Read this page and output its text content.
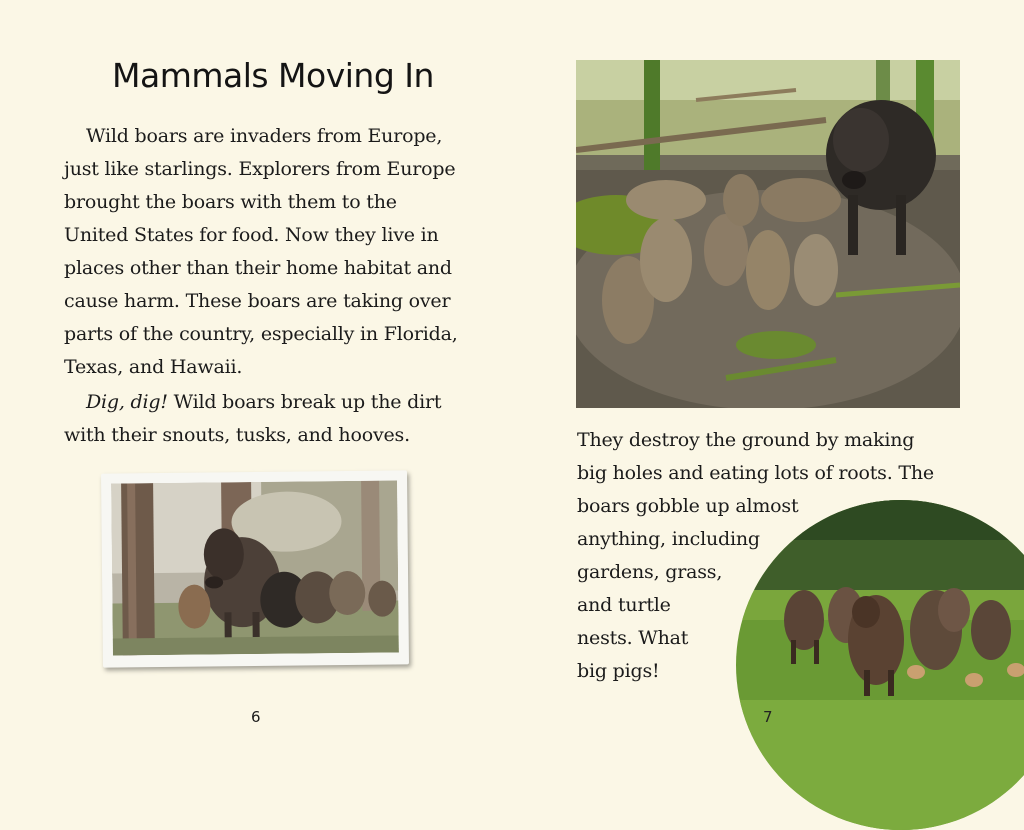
Mammals Moving In

Wild boars are invaders from Europe, just like starlings. Explorers from Europe brought the boars with them to the United States for food. Now they live in places other than their home habitat and cause harm. These boars are taking over parts of the country, especially in Florida, Texas, and Hawaii.

Dig, dig! Wild boars break up the dirt with their snouts, tusks, and hooves.

6

They destroy the ground by making
big holes and eating lots of roots. The
boars gobble up almost
anything, including
gardens, grass,
and turtle
nests. What
big pigs!

7
